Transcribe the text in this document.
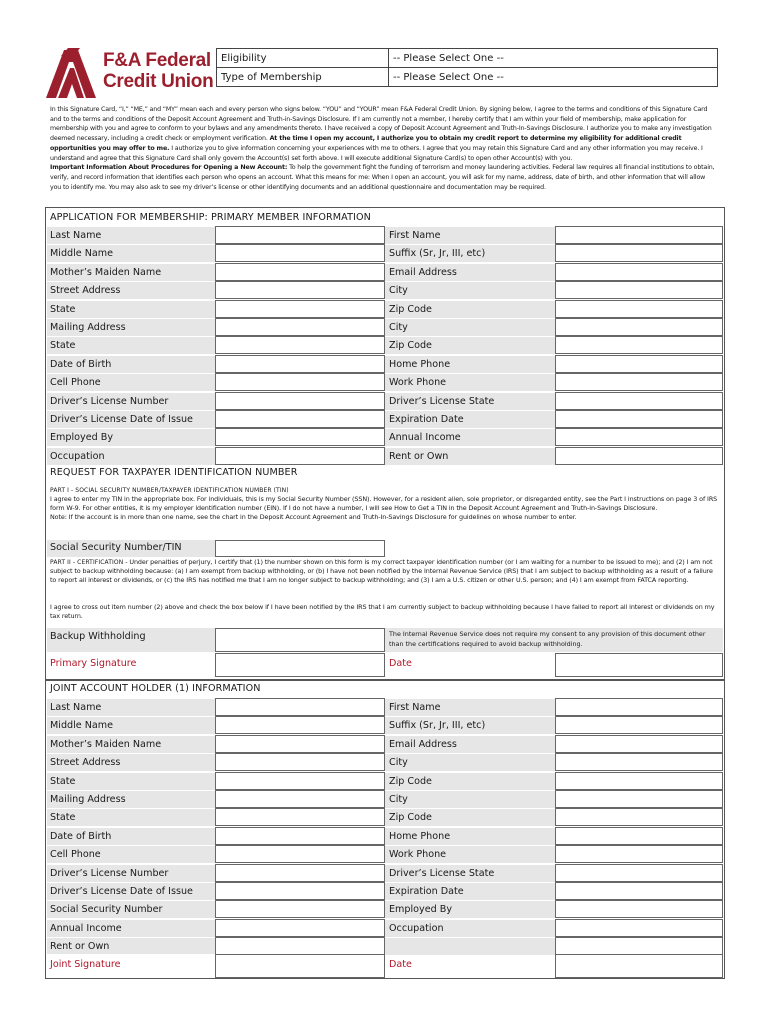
F&A Federal
Credit Union
Eligibility	-- Please Select One --
Type of Membership	-- Please Select One --

In this Signature Card, “I,” “ME,” and “MY” mean each and every person who signs below. “YOU” and “YOUR” mean F&A Federal Credit Union. By signing below, I agree to the terms and conditions of this Signature Card and to the terms and conditions of the Deposit Account Agreement and Truth-in-Savings Disclosure. If I am currently not a member, I hereby certify that I am within your field of membership, make application for membership with you and agree to conform to your bylaws and any amendments thereto. I have received a copy of Deposit Account Agreement and Truth-In-Savings Disclosure. I authorize you to make any investigation deemed necessary, including a credit check or employment verification. At the time I open my account, I authorize you to obtain my credit report to determine my eligibility for additional credit opportunities you may offer to me. I authorize you to give information concerning your experiences with me to others. I agree that you may retain this Signature Card and any other information you may receive. I understand and agree that this Signature Card shall only govern the Account(s) set forth above. I will execute additional Signature Card(s) to open other Account(s) with you.

Important Information About Procedures for Opening a New Account: To help the government fight the funding of terrorism and money laundering activities. Federal law requires all financial institutions to obtain, verify, and record information that identifies each person who opens an account. What this means for me: When I open an account, you will ask for my name, address, date of birth, and other information that will allow you to identify me. You may also ask to see my driver’s license or other identifying documents and an additional questionnaire and documentation may be required.

APPLICATION FOR MEMBERSHIP: PRIMARY MEMBER INFORMATION
Last Name	First Name
Middle Name	Suffix (Sr, Jr, III, etc)
Mother’s Maiden Name	Email Address
Street Address	City
State	Zip Code
Mailing Address	City
State	Zip Code
Date of Birth	Home Phone
Cell Phone	Work Phone
Driver’s License Number	Driver’s License State
Driver’s License Date of Issue	Expiration Date
Employed By	Annual Income
Occupation	Rent or Own
REQUEST FOR TAXPAYER IDENTIFICATION NUMBER
PART I - SOCIAL SECURITY NUMBER/TAXPAYER IDENTIFICATION NUMBER (TIN)
I agree to enter my TIN in the appropriate box. For individuals, this is my Social Security Number (SSN). However, for a resident alien, sole proprietor, or disregarded entity, see the Part I instructions on page 3 of IRS form W-9. For other entities, it is my employer identification number (EIN). If I do not have a number, I will see How to Get a TIN in the Deposit Account Agreement and Truth-in-Savings Disclosure.
Note: If the account is in more than one name, see the chart in the Deposit Account Agreement and Truth-In-Savings Disclosure for guidelines on whose number to enter.
Social Security Number/TIN
PART II - CERTIFICATION - Under penalties of perjury, I certify that (1) the number shown on this form is my correct taxpayer identification number (or I am waiting for a number to be issued to me); and (2) I am not subject to backup withholding because: (a) I am exempt from backup withholding, or (b) I have not been notified by the Internal Revenue Service (IRS) that I am subject to backup withholding as a result of a failure to report all interest or dividends, or (c) the IRS has notified me that I am no longer subject to backup withholding; and (3) I am a U.S. citizen or other U.S. person; and (4) I am exempt from FATCA reporting.
I agree to cross out item number (2) above and check the box below if I have been notified by the IRS that I am currently subject to backup withholding because I have failed to report all interest or dividends on my tax return.
Backup Withholding	The Internal Revenue Service does not require my consent to any provision of this document other than the certifications required to avoid backup withholding.
Primary Signature	Date
JOINT ACCOUNT HOLDER (1) INFORMATION
Last Name	First Name
Middle Name	Suffix (Sr, Jr, III, etc)
Mother’s Maiden Name	Email Address
Street Address	City
State	Zip Code
Mailing Address	City
State	Zip Code
Date of Birth	Home Phone
Cell Phone	Work Phone
Driver’s License Number	Driver’s License State
Driver’s License Date of Issue	Expiration Date
Social Security Number	Employed By
Annual Income	Occupation
Rent or Own
Joint Signature	Date
